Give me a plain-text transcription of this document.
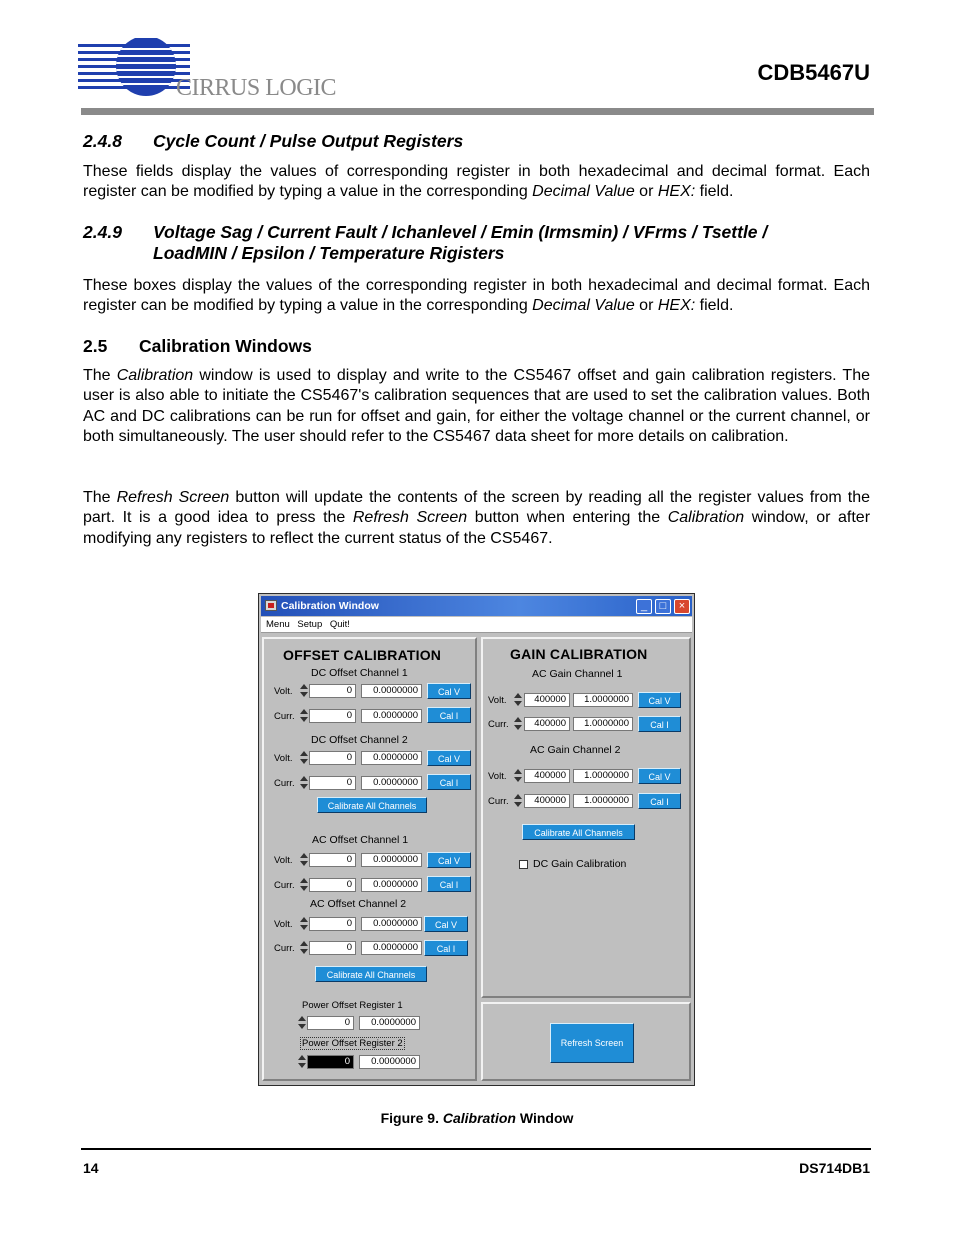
CIRRUS LOGIC
CDB5467U
2.4.8 Cycle Count / Pulse Output Registers
These fields display the values of corresponding register in both hexadecimal and decimal format. Each register can be modified by typing a value in the corresponding Decimal Value or HEX: field.
2.4.9 Voltage Sag / Current Fault / Ichanlevel / Emin (Irmsmin) / VFrms / Tsettle /
LoadMIN / Epsilon / Temperature Rigisters
These boxes display the values of the corresponding register in both hexadecimal and decimal format. Each register can be modified by typing a value in the corresponding Decimal Value or HEX: field.
2.5 Calibration Windows
The Calibration window is used to display and write to the CS5467 offset and gain calibration registers. The user is also able to initiate the CS5467's calibration sequences that are used to set the calibration values. Both AC and DC calibrations can be run for offset and gain, for either the voltage channel or the current channel, or both simultaneously. The user should refer to the CS5467 data sheet for more details on calibration.
The Refresh Screen button will update the contents of the screen by reading all the register values from the part. It is a good idea to press the Refresh Screen button when entering the Calibration window, or after modifying any registers to reflect the current status of the CS5467.
Calibration Window	_	□	×
Menu Setup Quit!
OFFSET CALIBRATION
DC Offset Channel 1
Volt.	0	0.0000000	Cal V
Curr.	0	0.0000000	Cal I
DC Offset Channel 2
Volt.	0	0.0000000	Cal V
Curr.	0	0.0000000	Cal I
Calibrate All Channels
AC Offset Channel 1
Volt.	0	0.0000000	Cal V
Curr.	0	0.0000000	Cal I
AC Offset Channel 2
Volt.	0	0.0000000	Cal V
Curr.	0	0.0000000	Cal I
Calibrate All Channels
Power Offset Register 1
0	0.0000000
Power Offset Register 2
0	0.0000000
GAIN CALIBRATION
AC Gain Channel 1
Volt.	400000	1.0000000	Cal V
Curr.	400000	1.0000000	Cal I
AC Gain Channel 2
Volt.	400000	1.0000000	Cal V
Curr.	400000	1.0000000	Cal I
Calibrate All Channels
DC Gain Calibration
Refresh Screen
Figure 9. Calibration Window
14	DS714DB1
